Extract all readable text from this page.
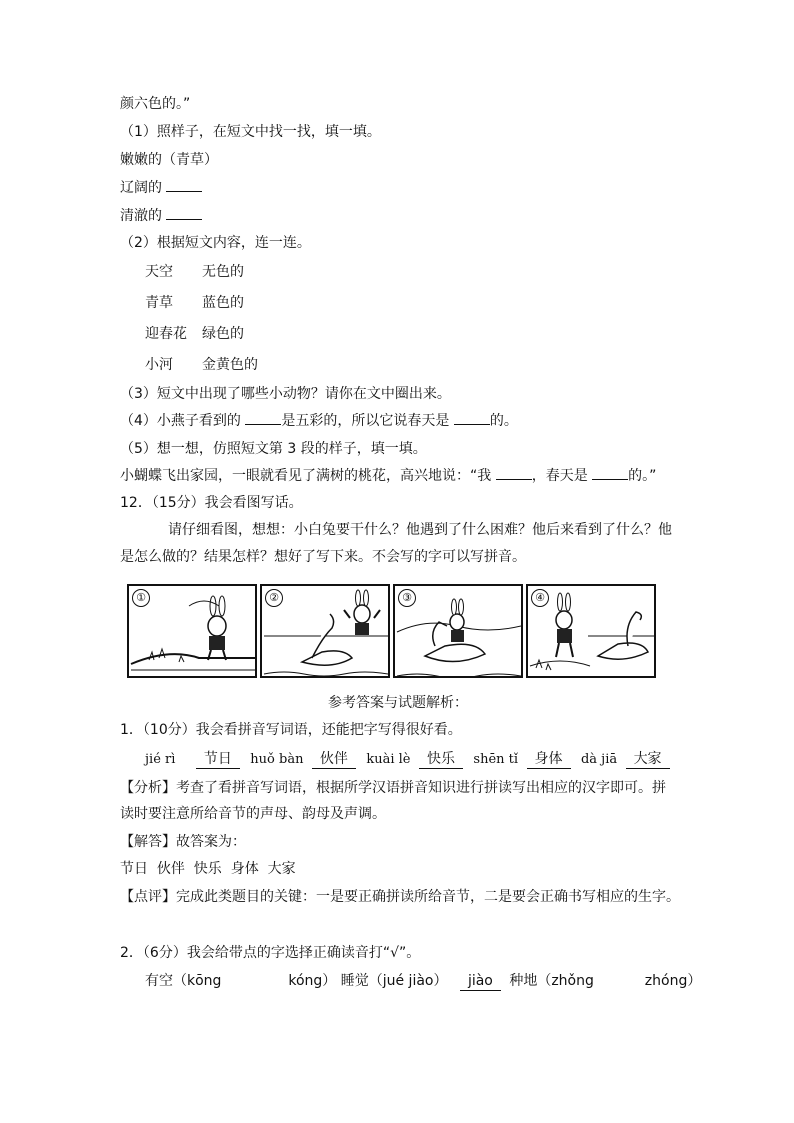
颜六色的。”
（1）照样子，在短文中找一找，填一填。
嫩嫩的（青草）
辽阔的
清澈的
（2）根据短文内容，连一连。
天空 无色的
青草 蓝色的
迎春花 绿色的
小河 金黄色的
（3）短文中出现了哪些小动物？请你在文中圈出来。
（4）小燕子看到的	是五彩的，所以它说春天是	的。
（5）想一想，仿照短文第 3 段的样子，填一填。
小蝴蝶飞出家园，一眼就看见了满树的桃花，高兴地说：“我	，春天是	的。”
12．（15分）我会看图写话。
请仔细看图，想想：小白兔要干什么？他遇到了什么困难？他后来看到了什么？他
是怎么做的？结果怎样？想好了写下来。不会写的字可以写拼音。
①	②	③	④
参考答案与试题解析：
1．（10分）我会看拼音写词语，还能把字写得很好看。
jié rì 节日 huǒ bàn 伙伴 kuài lè 快乐 shēn tǐ 身体 dà jiā 大家
【分析】考查了看拼音写词语，根据所学汉语拼音知识进行拼读写出相应的汉字即可。拼
读时要注意所给音节的声母、韵母及声调。
【解答】故答案为：
节日  伙伴  快乐  身体  大家
【点评】完成此类题目的关键：一是要正确拼读所给音节，二是要会正确书写相应的生字。
2．（6分）我会给带点的字选择正确读音打“√”。
有空（kōng	kóng） 睡觉（jué jiào） jiào 种地（zhǒng	zhóng）
